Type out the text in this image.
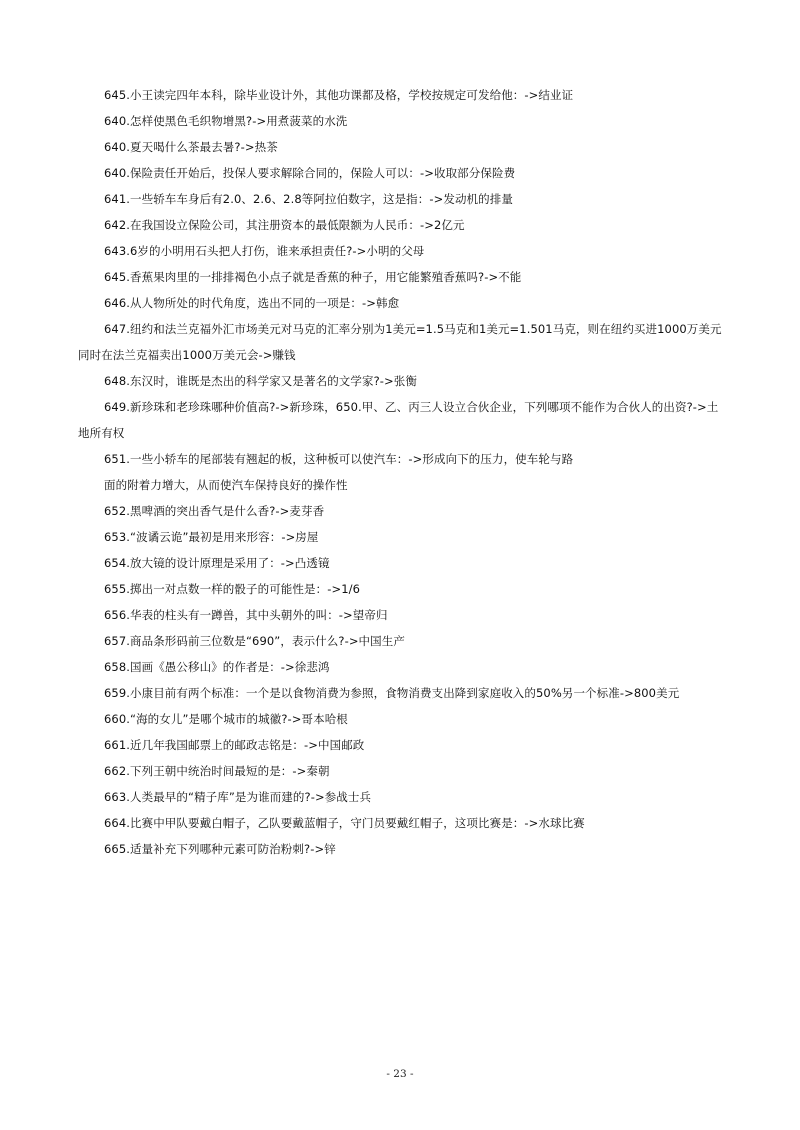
645.小王读完四年本科，除毕业设计外，其他功课都及格，学校按规定可发给他：->结业证

640.怎样使黑色毛织物增黑?->用煮菠菜的水洗

640.夏天喝什么茶最去暑?->热茶

640.保险责任开始后，投保人要求解除合同的，保险人可以：->收取部分保险费

641.一些轿车车身后有2.0、2.6、2.8等阿拉伯数字，这是指：->发动机的排量

642.在我国设立保险公司，其注册资本的最低限额为人民币：->2亿元

643.6岁的小明用石头把人打伤，谁来承担责任?->小明的父母

645.香蕉果肉里的一排排褐色小点子就是香蕉的种子，用它能繁殖香蕉吗?->不能

646.从人物所处的时代角度，选出不同的一项是：->韩愈

647.纽约和法兰克福外汇市场美元对马克的汇率分别为1美元=1.5马克和1美元=1.501马克，则在纽约买进1000万美元同时在法兰克福卖出1000万美元会->赚钱

648.东汉时，谁既是杰出的科学家又是著名的文学家?->张衡

649.新珍珠和老珍珠哪种价值高?->新珍珠，650.甲、乙、丙三人设立合伙企业，下列哪项不能作为合伙人的出资?->土地所有权

651.一些小轿车的尾部装有翘起的板，这种板可以使汽车：->形成向下的压力，使车轮与路

面的附着力增大，从而使汽车保持良好的操作性

652.黑啤酒的突出香气是什么香?->麦芽香

653.“波谲云诡”最初是用来形容：->房屋

654.放大镜的设计原理是采用了：->凸透镜

655.掷出一对点数一样的骰子的可能性是：->1/6

656.华表的柱头有一蹲兽，其中头朝外的叫：->望帝归

657.商品条形码前三位数是“690”，表示什么?->中国生产

658.国画《愚公移山》的作者是：->徐悲鸿

659.小康目前有两个标准：一个是以食物消费为参照，食物消费支出降到家庭收入的50%另一个标准->800美元

660.“海的女儿”是哪个城市的城徽?->哥本哈根

661.近几年我国邮票上的邮政志铭是：->中国邮政

662.下列王朝中统治时间最短的是：->秦朝

663.人类最早的“精子库”是为谁而建的?->参战士兵

664.比赛中甲队要戴白帽子，乙队要戴蓝帽子，守门员要戴红帽子，这项比赛是：->水球比赛

665.适量补充下列哪种元素可防治粉刺?->锌

- 23 -
